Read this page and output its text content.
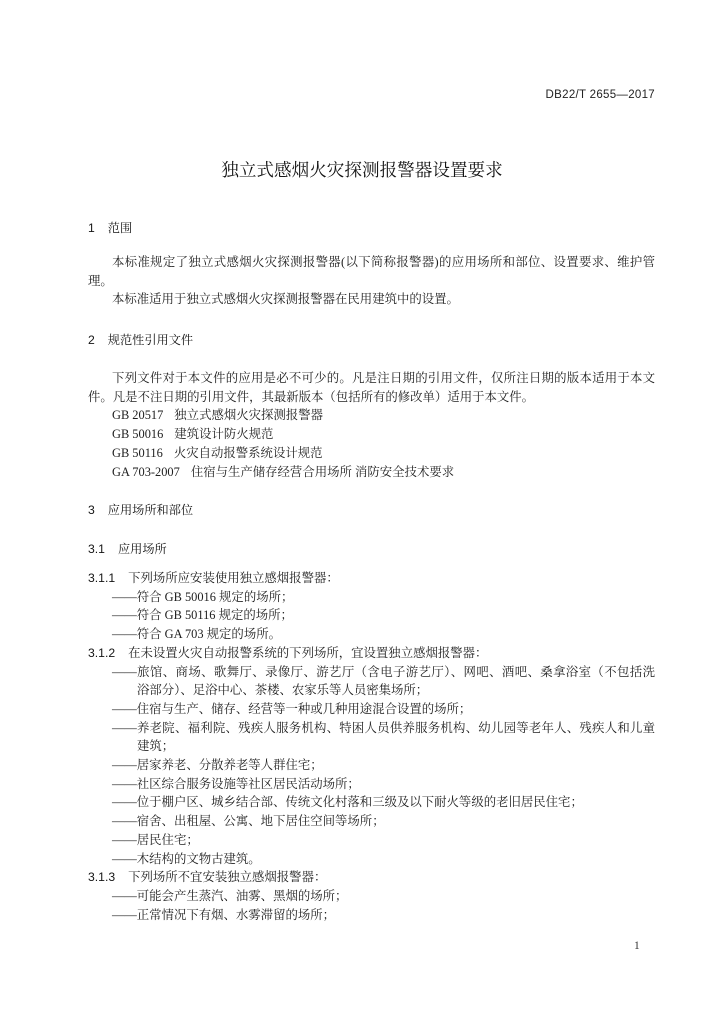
DB22/T 2655—2017
独立式感烟火灾探测报警器设置要求
1 范围
本标准规定了独立式感烟火灾探测报警器(以下简称报警器)的应用场所和部位、设置要求、维护管
理。
本标准适用于独立式感烟火灾探测报警器在民用建筑中的设置。
2 规范性引用文件
下列文件对于本文件的应用是必不可少的。凡是注日期的引用文件，仅所注日期的版本适用于本文
件。凡是不注日期的引用文件，其最新版本（包括所有的修改单）适用于本文件。
GB 20517 独立式感烟火灾探测报警器
GB 50016 建筑设计防火规范
GB 50116 火灾自动报警系统设计规范
GA 703-2007 住宿与生产储存经营合用场所 消防安全技术要求
3 应用场所和部位
3.1 应用场所
3.1.1 下列场所应安装使用独立感烟报警器：
——符合 GB 50016 规定的场所；
——符合 GB 50116 规定的场所；
——符合 GA 703 规定的场所。
3.1.2 在未设置火灾自动报警系统的下列场所，宜设置独立感烟报警器：
——旅馆、商场、歌舞厅、录像厅、游艺厅（含电子游艺厅）、网吧、酒吧、桑拿浴室（不包括洗
浴部分）、足浴中心、茶楼、农家乐等人员密集场所；
——住宿与生产、储存、经营等一种或几种用途混合设置的场所；
——养老院、福利院、残疾人服务机构、特困人员供养服务机构、幼儿园等老年人、残疾人和儿童
建筑；
——居家养老、分散养老等人群住宅；
——社区综合服务设施等社区居民活动场所；
——位于棚户区、城乡结合部、传统文化村落和三级及以下耐火等级的老旧居民住宅；
——宿舍、出租屋、公寓、地下居住空间等场所；
——居民住宅；
——木结构的文物古建筑。
3.1.3 下列场所不宜安装独立感烟报警器：
——可能会产生蒸汽、油雾、黑烟的场所；
——正常情况下有烟、水雾滞留的场所；
1
